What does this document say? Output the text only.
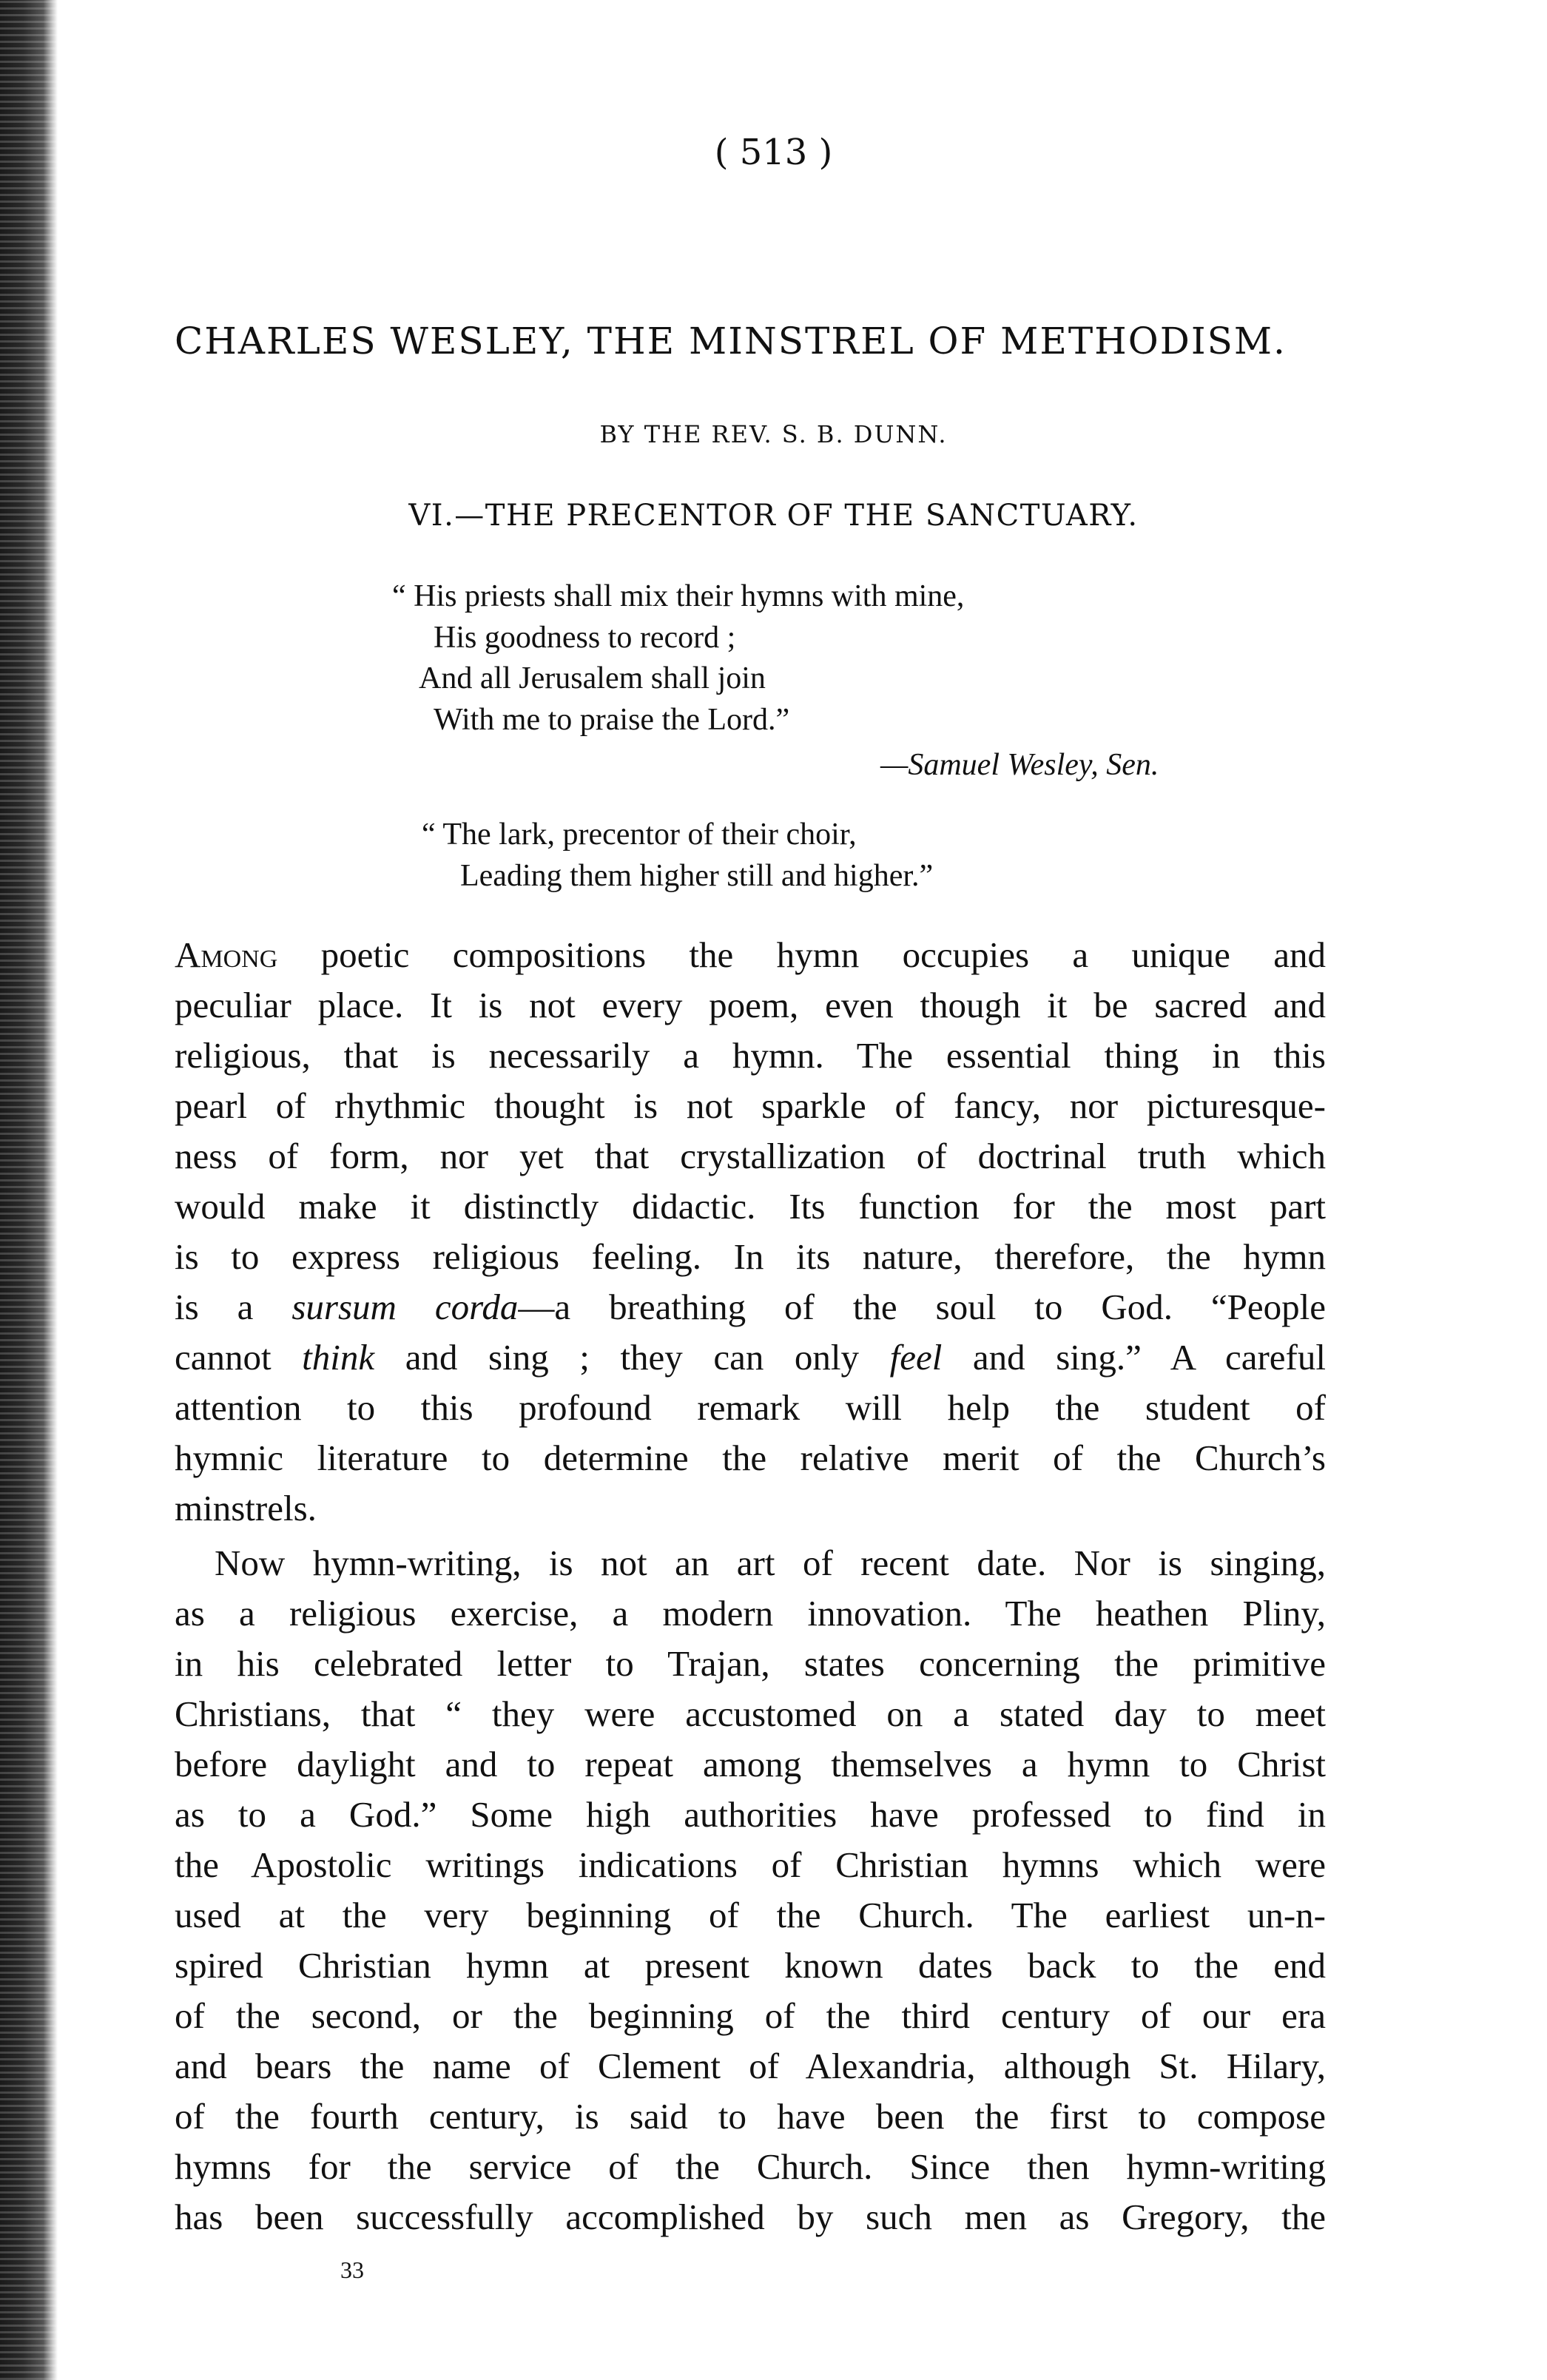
( 513 )

CHARLES WESLEY, THE MINSTREL OF METHODISM.

BY THE REV. S. B. DUNN.

VI.—THE PRECENTOR OF THE SANCTUARY.

“ His priests shall mix their hymns with mine,

His goodness to record ;

And all Jerusalem shall join

With me to praise the Lord.”

—Samuel Wesley, Sen.

“ The lark, precentor of their choir,

Leading them higher still and higher.”

Among poetic compositions the hymn occupies a unique and

peculiar place. It is not every poem, even though it be sacred and

religious, that is necessarily a hymn. The essential thing in this

pearl of rhythmic thought is not sparkle of fancy, nor picturesque-

ness of form, nor yet that crystallization of doctrinal truth which

would make it distinctly didactic. Its function for the most part

is to express religious feeling. In its nature, therefore, the hymn

is a sursum corda—a breathing of the soul to God. “People

cannot think and sing ; they can only feel and sing.” A careful

attention to this profound remark will help the student of

hymnic literature to determine the relative merit of the Church’s

minstrels.

Now hymn-writing, is not an art of recent date. Nor is singing,

as a religious exercise, a modern innovation. The heathen Pliny,

in his celebrated letter to Trajan, states concerning the primitive

Christians, that “ they were accustomed on a stated day to meet

before daylight and to repeat among themselves a hymn to Christ

as to a God.” Some high authorities have professed to find in

the Apostolic writings indications of Christian hymns which were

used at the very beginning of the Church. The earliest un-n-

spired Christian hymn at present known dates back to the end

of the second, or the beginning of the third century of our era

and bears the name of Clement of Alexandria, although St. Hilary,

of the fourth century, is said to have been the first to compose

hymns for the service of the Church. Since then hymn-writing

has been successfully accomplished by such men as Gregory, the

33
